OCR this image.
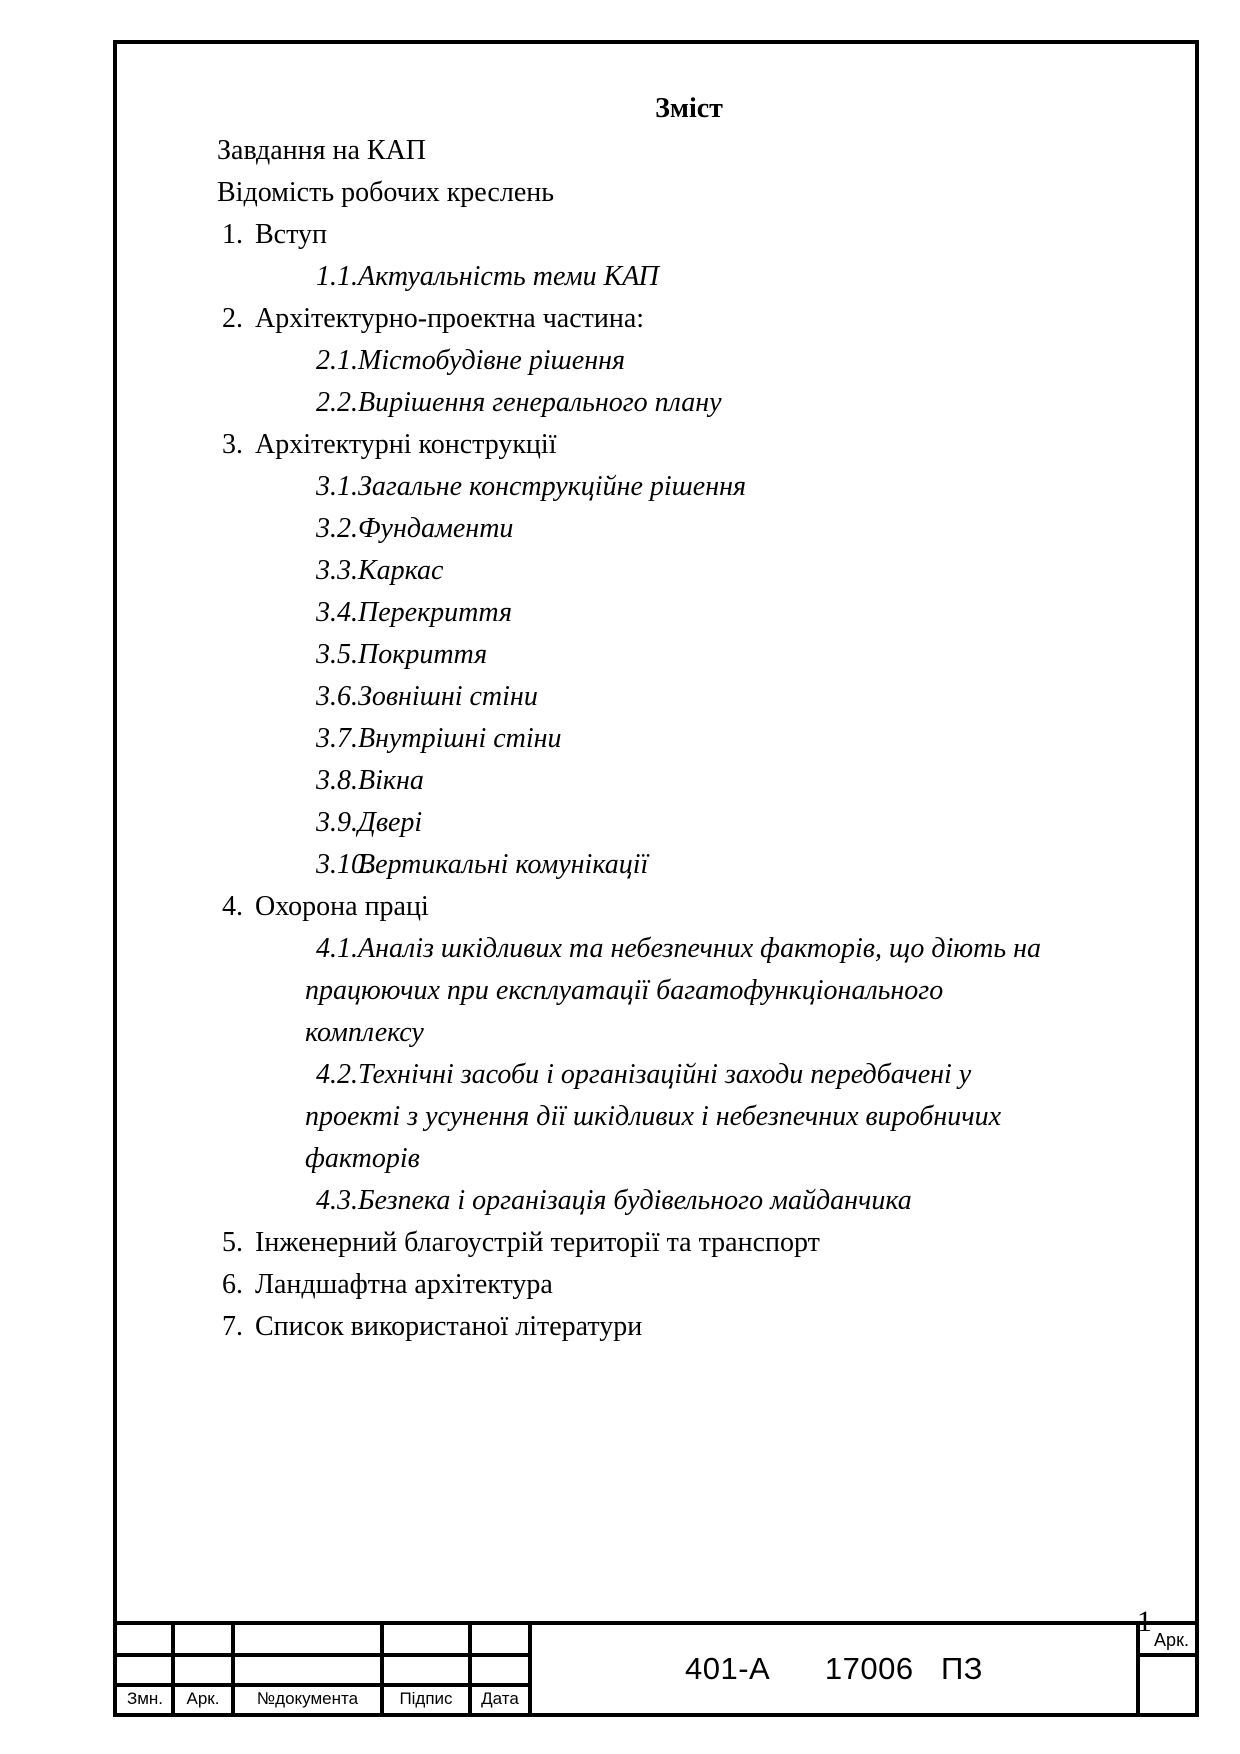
Зміст
Завдання на КАП
Відомість робочих креслень
1. Вступ
1.1. Актуальність теми КАП
2. Архітектурно-проектна частина:
2.1. Містобудівне рішення
2.2. Вирішення генерального плану
3. Архітектурні конструкції
3.1. Загальне конструкційне рішення
3.2. Фундаменти
3.3. Каркас
3.4. Перекриття
3.5. Покриття
3.6. Зовнішні стіни
3.7. Внутрішні стіни
3.8. Вікна
3.9. Двері
3.10.
Вертикальні комунікації
4. Охорона праці
4.1. Аналіз шкідливих та небезпечних факторів, що діють на
працюючих при експлуатації багатофункціонального
комплексу
4.2. Технічні засоби і організаційні заходи передбачені у
проекті з усунення дії шкідливих і небезпечних виробничих
факторів
4.3. Безпека і організація будівельного майданчика
5. Інженерний благоустрій території та транспорт
6. Ландшафтна архітектура
7. Список використаної літератури
Змн.	Арк.	№документа	Підпис	Дата
401-А      17006   ПЗ
Арк.
1
